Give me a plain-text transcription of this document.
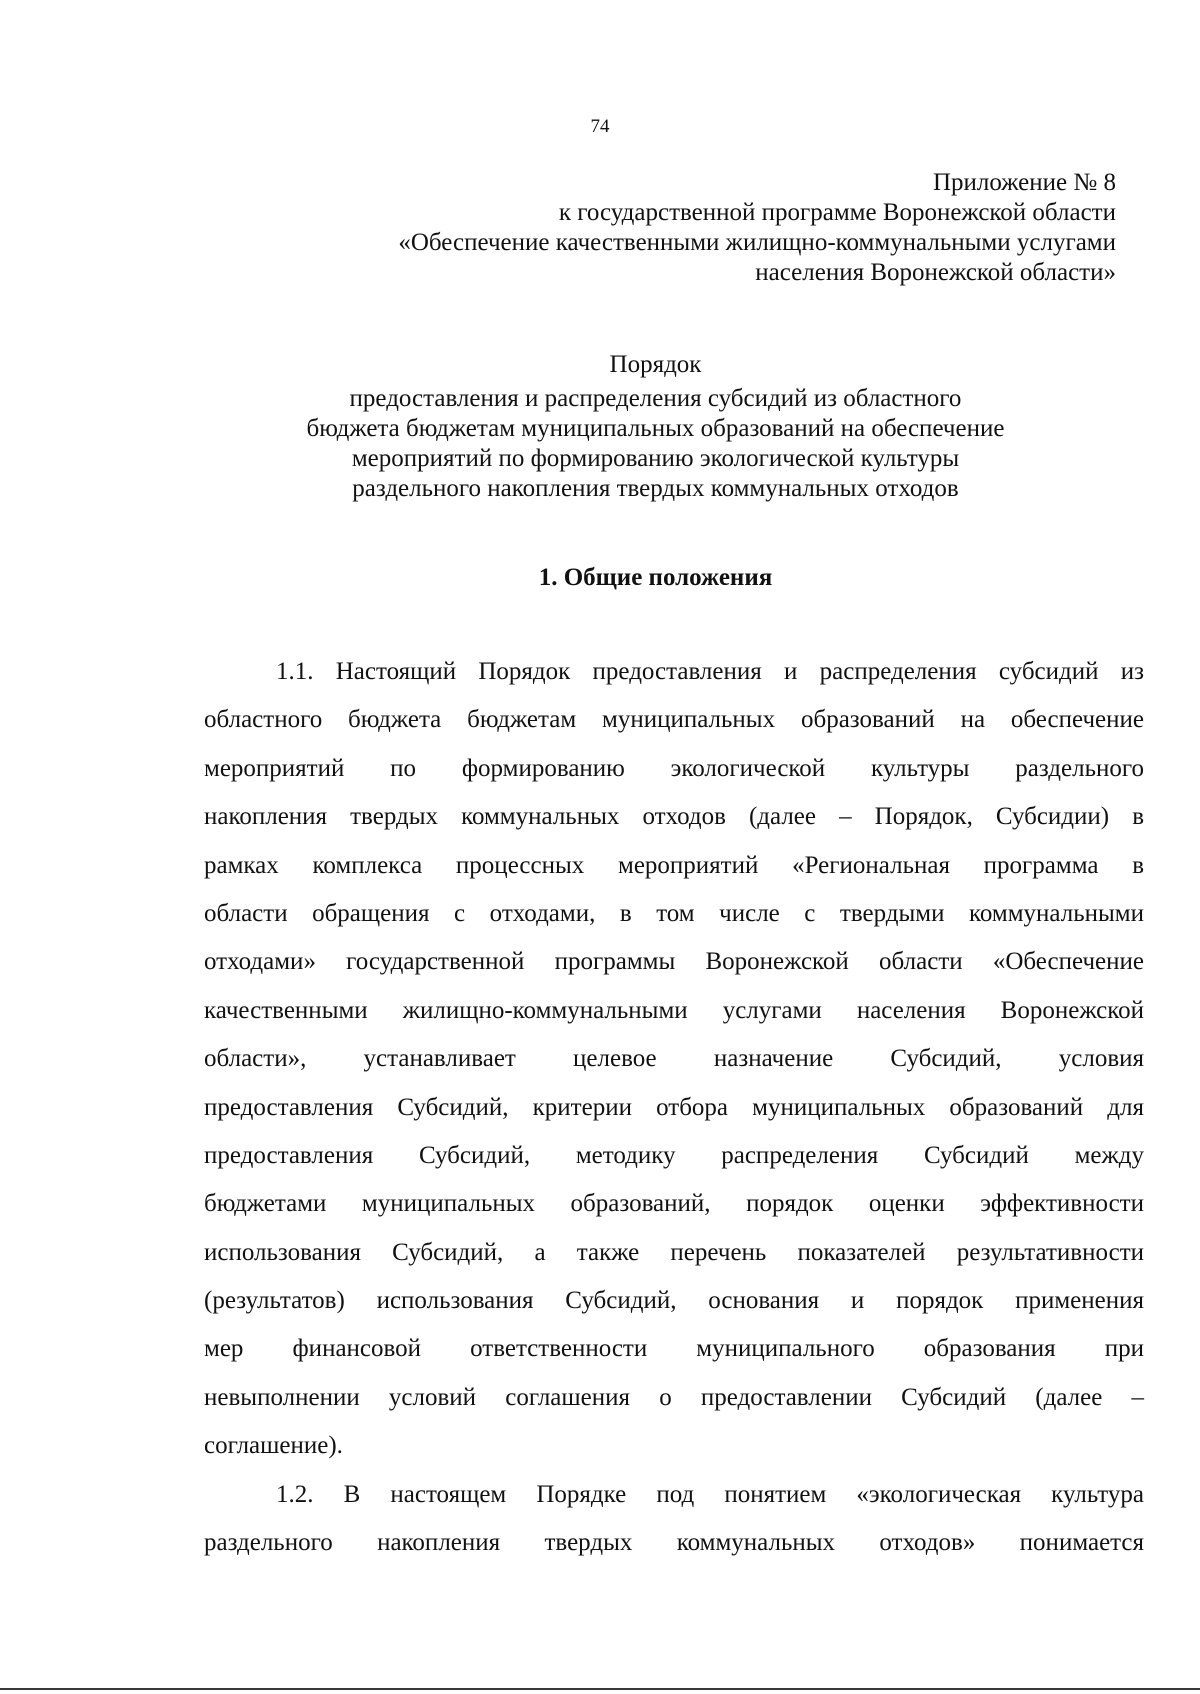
74
Приложение № 8
к государственной программе Воронежской области
«Обеспечение качественными жилищно-коммунальными услугами
населения Воронежской области»
Порядок
предоставления и распределения субсидий из областного
бюджета бюджетам муниципальных образований на обеспечение
мероприятий по формированию экологической культуры
раздельного накопления твердых коммунальных отходов
1. Общие положения
1.1. Настоящий Порядок предоставления и распределения субсидий из
областного бюджета бюджетам муниципальных образований на обеспечение
мероприятий по формированию экологической культуры раздельного
накопления твердых коммунальных отходов (далее – Порядок, Субсидии) в
рамках комплекса процессных мероприятий «Региональная программа в
области обращения с отходами, в том числе с твердыми коммунальными
отходами» государственной программы Воронежской области «Обеспечение
качественными жилищно-коммунальными услугами населения Воронежской
области», устанавливает целевое назначение Субсидий, условия
предоставления Субсидий, критерии отбора муниципальных образований для
предоставления Субсидий, методику распределения Субсидий между
бюджетами муниципальных образований, порядок оценки эффективности
использования Субсидий, а также перечень показателей результативности
(результатов) использования Субсидий, основания и порядок применения
мер финансовой ответственности муниципального образования при
невыполнении условий соглашения о предоставлении Субсидий (далее –
соглашение).
1.2. В настоящем Порядке под понятием «экологическая культура
раздельного накопления твердых коммунальных отходов» понимается
